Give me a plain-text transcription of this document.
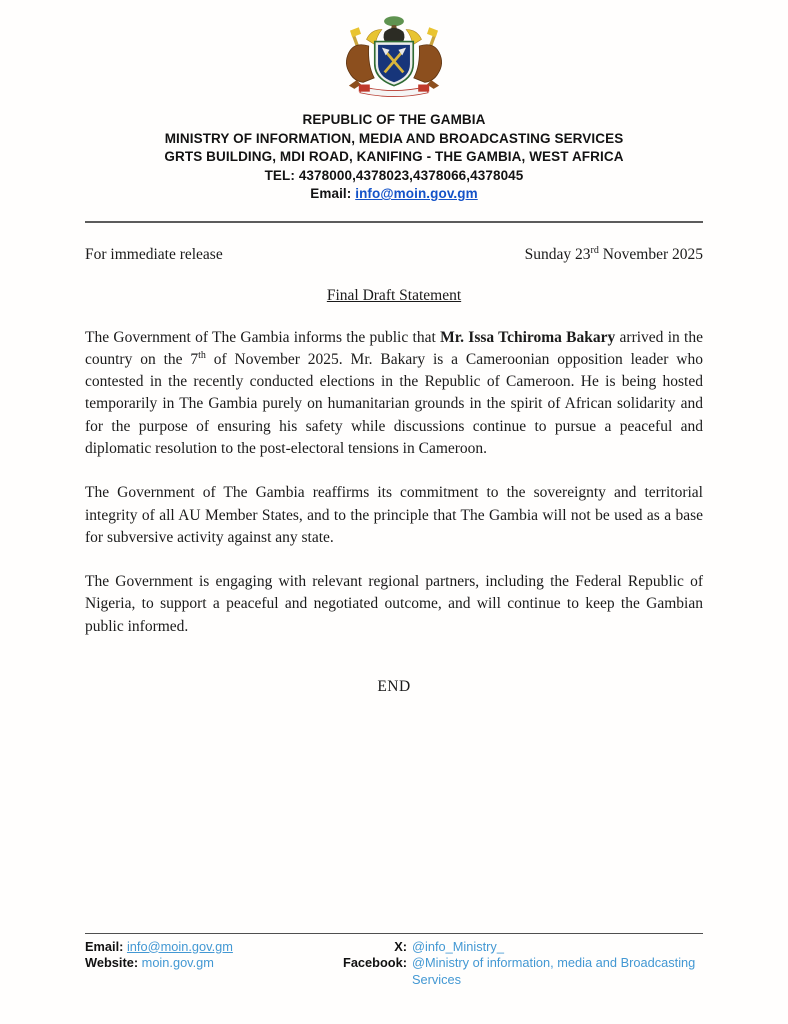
REPUBLIC OF THE GAMBIA
MINISTRY OF INFORMATION, MEDIA AND BROADCASTING SERVICES
GRTS BUILDING, MDI ROAD, KANIFING - THE GAMBIA, WEST AFRICA
TEL: 4378000,4378023,4378066,4378045
Email: info@moin.gov.gm
For immediate release	Sunday 23rd November 2025
Final Draft Statement

The Government of The Gambia informs the public that Mr. Issa Tchiroma Bakary arrived in the country on the 7th of November 2025. Mr. Bakary is a Cameroonian opposition leader who contested in the recently conducted elections in the Republic of Cameroon. He is being hosted temporarily in The Gambia purely on humanitarian grounds in the spirit of African solidarity and for the purpose of ensuring his safety while discussions continue to pursue a peaceful and diplomatic resolution to the post-electoral tensions in Cameroon.

The Government of The Gambia reaffirms its commitment to the sovereignty and territorial integrity of all AU Member States, and to the principle that The Gambia will not be used as a base for subversive activity against any state.

The Government is engaging with relevant regional partners, including the Federal Republic of Nigeria, to support a peaceful and negotiated outcome, and will continue to keep the Gambian public informed.

END
Email: info@moin.gov.gm
Website: moin.gov.gm
X: @info_Ministry_
Facebook: @Ministry of information, media and Broadcasting Services
